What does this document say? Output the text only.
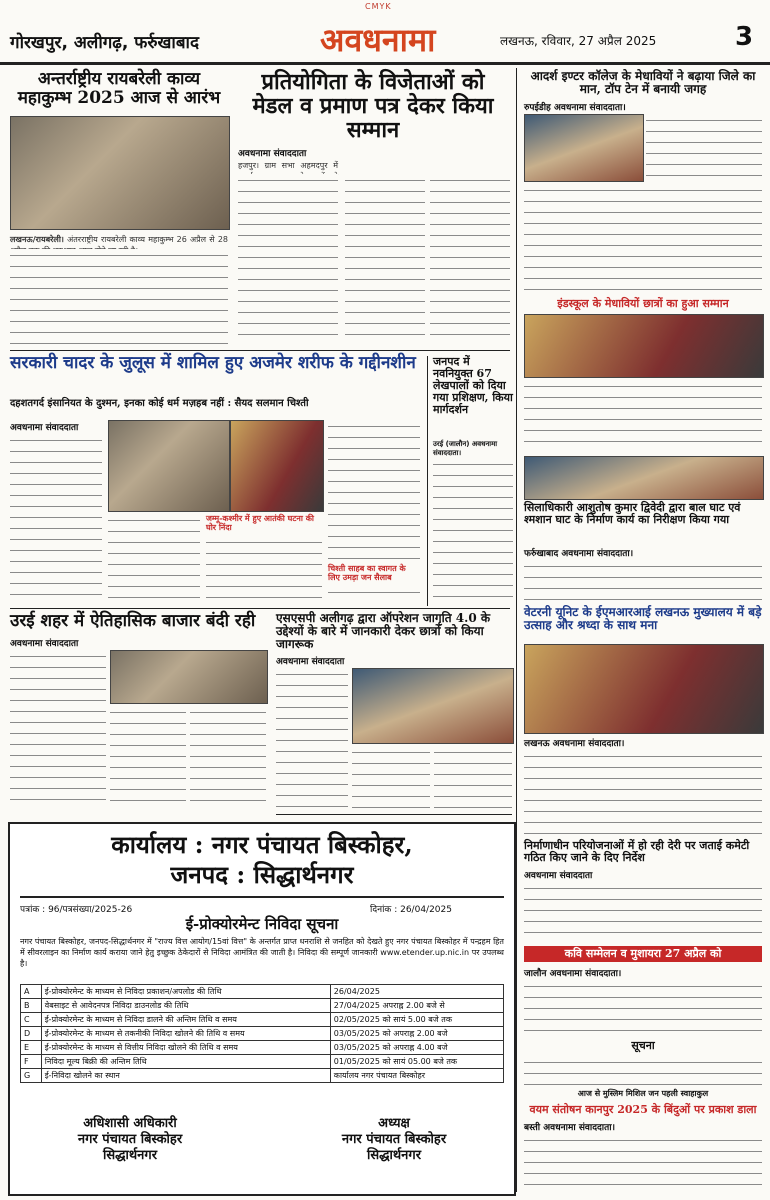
CMYK
गोरखपुर, अलीगढ़, फर्रुखाबाद	अवधनामा	लखनऊ, रविवार, 27 अप्रैल 2025	3
अन्तर्राष्ट्रीय रायबरेली काव्य महाकुम्भ 2025 आज से आरंभ
लखनऊ/रायबरेली। अंतरराष्ट्रीय रायबरेली काव्य महाकुम्भ 26 अप्रैल से 28
प्रतियोगिता के विजेताओं को मेडल व प्रमाण पत्र देकर किया सम्मान
अवधनामा संवाददाता
हजपुर। ग्राम सभा अहमदपुर में
आदर्श इण्टर कॉलेज के मेधावियों ने बढ़ाया जिले का मान, टॉप टेन में बनायी जगह
रुपईडीह अवधनामा संवाददाता।
इंडस्कूल के मेधावियों छात्रों का हुआ सम्मान
सरकारी चादर के जुलूस में शामिल हुए अजमेर शरीफ के गद्दीनशीन
दहशतगर्द इंसानियत के दुश्मन, इनका कोई धर्म मज़हब नहीं : सैयद सलमान चिश्ती
अवधनामा संवाददाता
जम्मू-कश्मीर में हुए आतंकी घटना की घोर निंदा
चिश्ती साहब का स्वागत के लिए उमड़ा जन सैलाब
जनपद में नवनियुक्त 67 लेखपालों को दिया गया प्रशिक्षण, किया मार्गदर्शन
उरई (जालौन) अवधनामा संवाददाता।
सिलाधिकारी आशुतोष कुमार द्विवेदी द्वारा बाल घाट एवं श्मशान घाट के निर्माण कार्य का निरीक्षण किया गया
फर्रुखाबाद अवधनामा संवाददाता।
वेटरनी यूनिट के ईएमआरआई लखनऊ मुख्यालय में बड़े उत्साह और श्रध्दा के साथ मना
लखनऊ अवधनामा संवाददाता।
उरई शहर में ऐतिहासिक बाजार बंदी रही
अवधनामा संवाददाता
एसएसपी अलीगढ़ द्वारा ऑपरेशन जागृति 4.0 के उद्देश्यों के बारे में जानकारी देकर छात्रों को किया जागरूक
अवधनामा संवाददाता
कार्यालय : नगर पंचायत बिस्कोहर,
जनपद : सिद्धार्थनगर
पत्रांक : 96/पत्रसंख्या/2025-26	दिनांक : 26/04/2025
ई-प्रोक्योरमेन्ट निविदा सूचना
नगर पंचायत बिस्कोहर, जनपद-सिद्धार्थनगर में "राज्य वित्त आयोग/15वां वित्त" के अन्तर्गत प्राप्त धनराशि से जनहित को देखते हुए नगर पंचायत बिस्कोहर में पन्द्रहम हित में सीवरलाइन का निर्माण कार्य कराया जाने हेतु इच्छुक ठेकेदारों से निविदा आमंत्रित की जाती है। निविदा की सम्पूर्ण जानकारी www.etender.up.nic.in पर उपलब्ध है।
A	ई-प्रोक्योरमेन्ट के माध्यम से निविदा प्रकाशन/अपलोड की तिथि	26/04/2025
B	वेबसाइट से आवेदनपत्र निविदा डाउनलोड की तिथि	27/04/2025 अपराह्न 2.00 बजे से
C	ई-प्रोक्योरमेन्ट के माध्यम से निविदा डालने की अन्तिम तिथि व समय	02/05/2025 को सायं 5.00 बजे तक
D	ई-प्रोक्योरमेन्ट के माध्यम से तकनीकी निविदा खोलने की तिथि व समय	03/05/2025 को अपराह्न 2.00 बजे
E	ई-प्रोक्योरमेन्ट के माध्यम से वित्तीय निविदा खोलने की तिथि व समय	03/05/2025 को अपराह्न 4.00 बजे
F	निविदा मूल्य बिक्री की अन्तिम तिथि	01/05/2025 को सायं 05.00 बजे तक
G	ई-निविदा खोलने का स्थान	कार्यालय नगर पंचायत बिस्कोहर
अधिशासी अधिकारी
नगर पंचायत बिस्कोहर
सिद्धार्थनगर
अध्यक्ष
नगर पंचायत बिस्कोहर
सिद्धार्थनगर
निर्माणाधीन परियोजनाओं में हो रही देरी पर जताई कमेटी गठित किए जाने के दिए निर्देश
अवधनामा संवाददाता
कवि सम्मेलन व मुशायरा 27 अप्रैल को
जालौन अवधनामा संवाददाता।
सूचना
आज से मुस्लिम मिशिल जन पहली स्वाहाकुल
वयम संतोषन कानपुर 2025 के बिंदुओं पर प्रकाश डाला
बस्ती अवधनामा संवाददाता।
